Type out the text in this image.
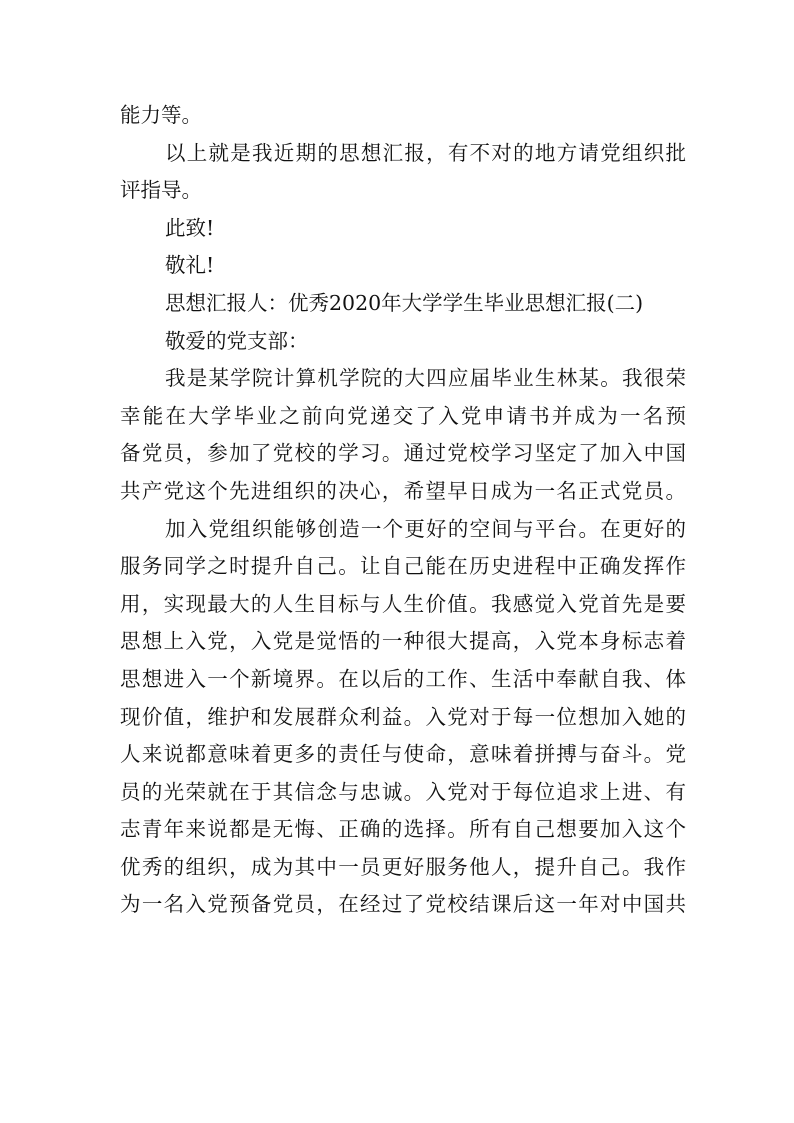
能力等。
以上就是我近期的思想汇报，有不对的地方请党组织批
评指导。
此致!
敬礼!
思想汇报人：优秀2020年大学学生毕业思想汇报(二)
敬爱的党支部：
我是某学院计算机学院的大四应届毕业生林某。我很荣
幸能在大学毕业之前向党递交了入党申请书并成为一名预
备党员，参加了党校的学习。通过党校学习坚定了加入中国
共产党这个先进组织的决心，希望早日成为一名正式党员。
加入党组织能够创造一个更好的空间与平台。在更好的
服务同学之时提升自己。让自己能在历史进程中正确发挥作
用，实现最大的人生目标与人生价值。我感觉入党首先是要
思想上入党，入党是觉悟的一种很大提高，入党本身标志着
思想进入一个新境界。在以后的工作、生活中奉献自我、体
现价值，维护和发展群众利益。入党对于每一位想加入她的
人来说都意味着更多的责任与使命，意味着拼搏与奋斗。党
员的光荣就在于其信念与忠诚。入党对于每位追求上进、有
志青年来说都是无悔、正确的选择。所有自己想要加入这个
优秀的组织，成为其中一员更好服务他人，提升自己。我作
为一名入党预备党员，在经过了党校结课后这一年对中国共
